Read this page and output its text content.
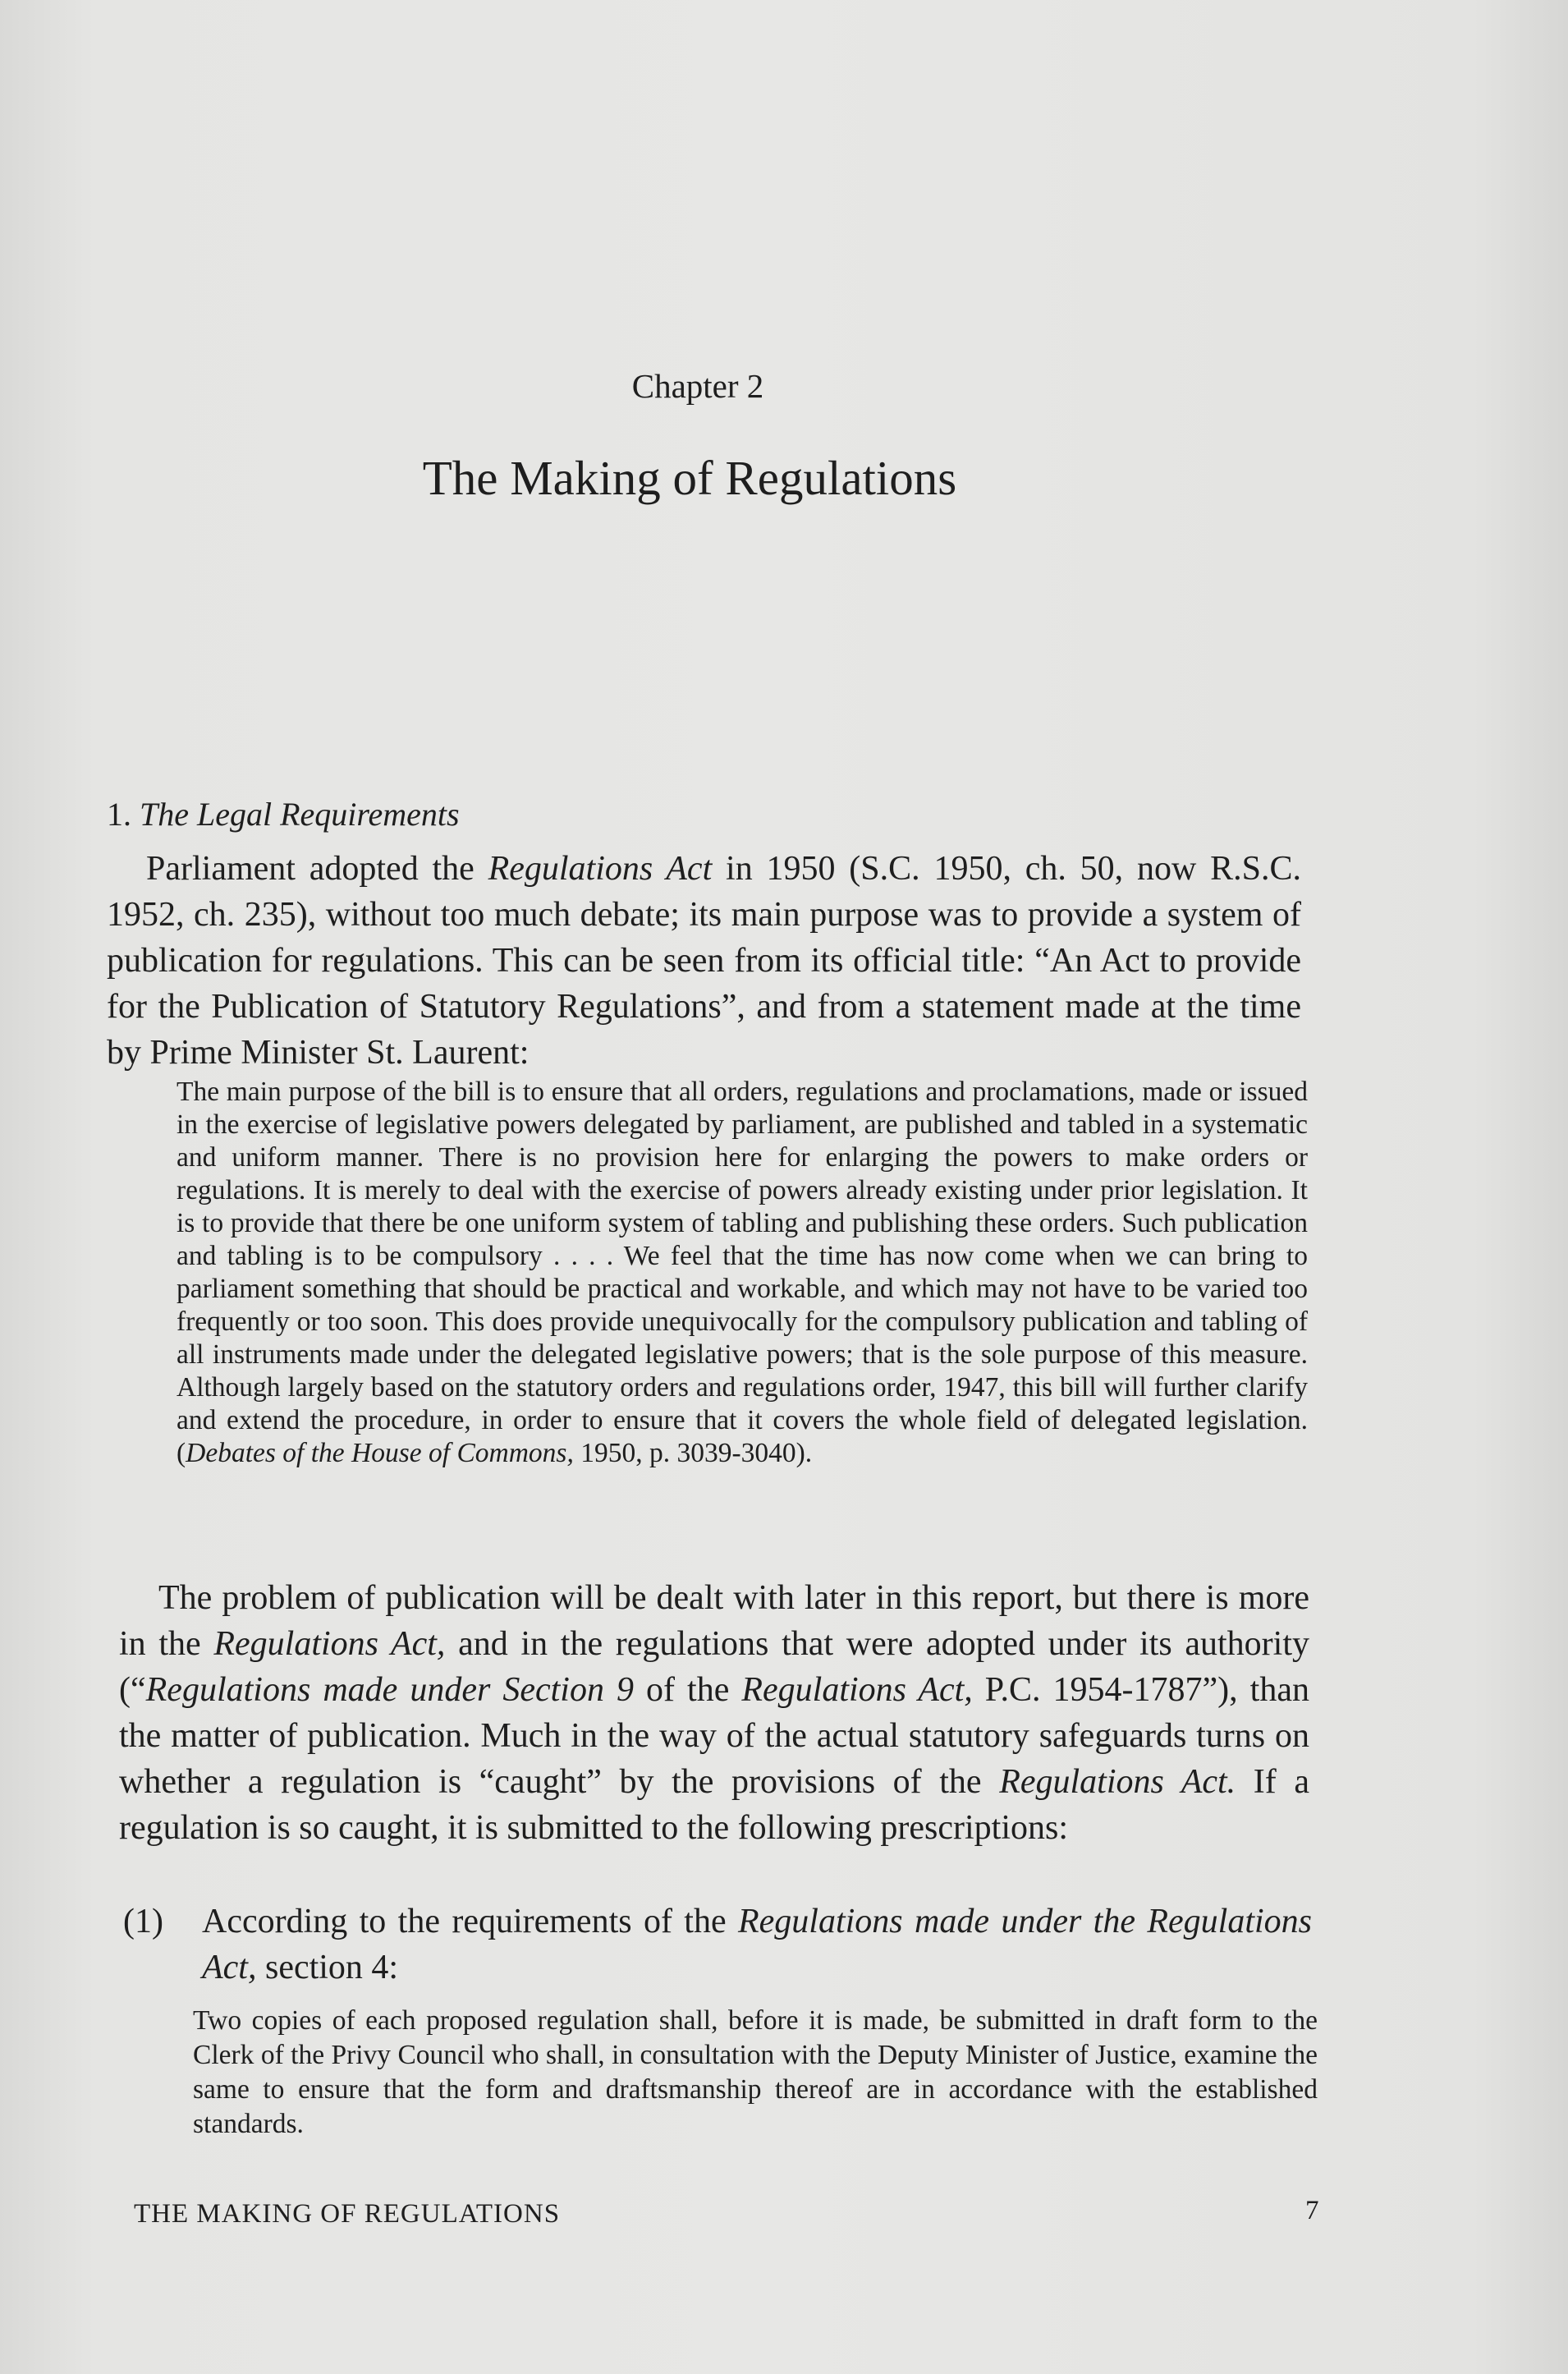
Chapter 2
The Making of Regulations
1. The Legal Requirements

Parliament adopted the Regulations Act in 1950 (S.C. 1950, ch. 50, now R.S.C. 1952, ch. 235), without too much debate; its main purpose was to provide a system of publication for regulations. This can be seen from its official title: “An Act to provide for the Publication of Statutory Regulations”, and from a statement made at the time by Prime Minister St. Laurent:

The main purpose of the bill is to ensure that all orders, regulations and proclamations, made or issued in the exercise of legislative powers delegated by parliament, are published and tabled in a systematic and uniform manner. There is no provision here for enlarging the powers to make orders or regulations. It is merely to deal with the exercise of powers already existing under prior legislation. It is to provide that there be one uniform system of tabling and publishing these orders. Such publication and tabling is to be compulsory . . . . We feel that the time has now come when we can bring to parliament something that should be practical and workable, and which may not have to be varied too frequently or too soon. This does provide unequivocally for the compulsory publication and tabling of all instruments made under the delegated legislative powers; that is the sole purpose of this measure. Although largely based on the statutory orders and regulations order, 1947, this bill will further clarify and extend the procedure, in order to ensure that it covers the whole field of delegated legislation. (Debates of the House of Commons, 1950, p. 3039-3040).

The problem of publication will be dealt with later in this report, but there is more in the Regulations Act, and in the regulations that were adopted under its authority (“Regulations made under Section 9 of the Regulations Act, P.C. 1954-1787”), than the matter of publication. Much in the way of the actual statutory safeguards turns on whether a regulation is “caught” by the provisions of the Regulations Act. If a regulation is so caught, it is submitted to the following prescriptions:

(1) According to the requirements of the Regulations made under the Regulations Act, section 4:
Two copies of each proposed regulation shall, before it is made, be submitted in draft form to the Clerk of the Privy Council who shall, in consultation with the Deputy Minister of Justice, examine the same to ensure that the form and draftsmanship thereof are in accordance with the established standards.
THE MAKING OF REGULATIONS	7
